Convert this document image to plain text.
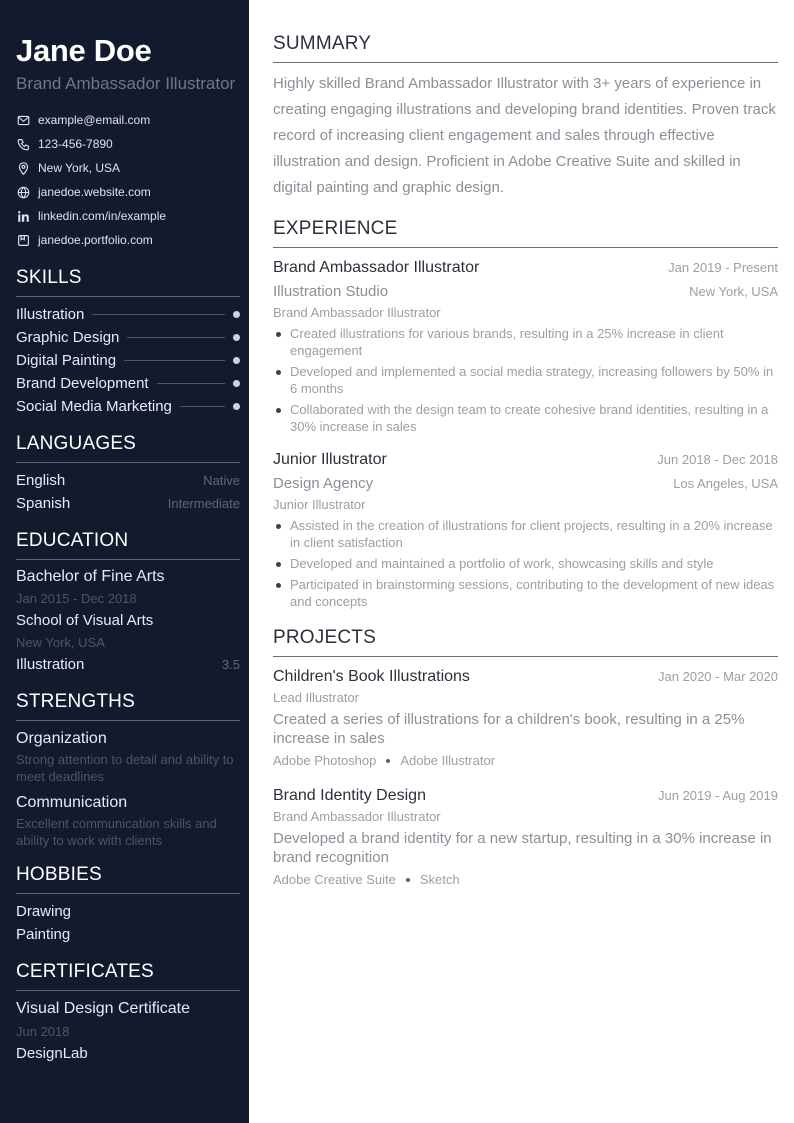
Jane Doe
Brand Ambassador Illustrator
example@email.com
123-456-7890
New York, USA
janedoe.website.com
linkedin.com/in/example
janedoe.portfolio.com
SKILLS
Illustration
Graphic Design
Digital Painting
Brand Development
Social Media Marketing
LANGUAGES
English	Native
Spanish	Intermediate
EDUCATION
Bachelor of Fine Arts
Jan 2015 - Dec 2018
School of Visual Arts
New York, USA
Illustration	3.5
STRENGTHS
Organization
Strong attention to detail and ability to meet deadlines
Communication
Excellent communication skills and ability to work with clients
HOBBIES
Drawing
Painting
CERTIFICATES
Visual Design Certificate
Jun 2018
DesignLab
SUMMARY

Highly skilled Brand Ambassador Illustrator with 3+ years of experience in creating engaging illustrations and developing brand identities. Proven track record of increasing client engagement and sales through effective illustration and design. Proficient in Adobe Creative Suite and skilled in digital painting and graphic design.

EXPERIENCE
Brand Ambassador Illustrator	Jan 2019 - Present
Illustration Studio	New York, USA
Brand Ambassador Illustrator
Created illustrations for various brands, resulting in a 25% increase in client engagement
Developed and implemented a social media strategy, increasing followers by 50% in 6 months
Collaborated with the design team to create cohesive brand identities, resulting in a 30% increase in sales
Junior Illustrator	Jun 2018 - Dec 2018
Design Agency	Los Angeles, USA
Junior Illustrator
Assisted in the creation of illustrations for client projects, resulting in a 20% increase in client satisfaction
Developed and maintained a portfolio of work, showcasing skills and style
Participated in brainstorming sessions, contributing to the development of new ideas and concepts
PROJECTS
Children's Book Illustrations	Jan 2020 - Mar 2020
Lead Illustrator
Created a series of illustrations for a children's book, resulting in a 25% increase in sales
Adobe Photoshop Adobe Illustrator
Brand Identity Design	Jun 2019 - Aug 2019
Brand Ambassador Illustrator
Developed a brand identity for a new startup, resulting in a 30% increase in brand recognition
Adobe Creative Suite Sketch
